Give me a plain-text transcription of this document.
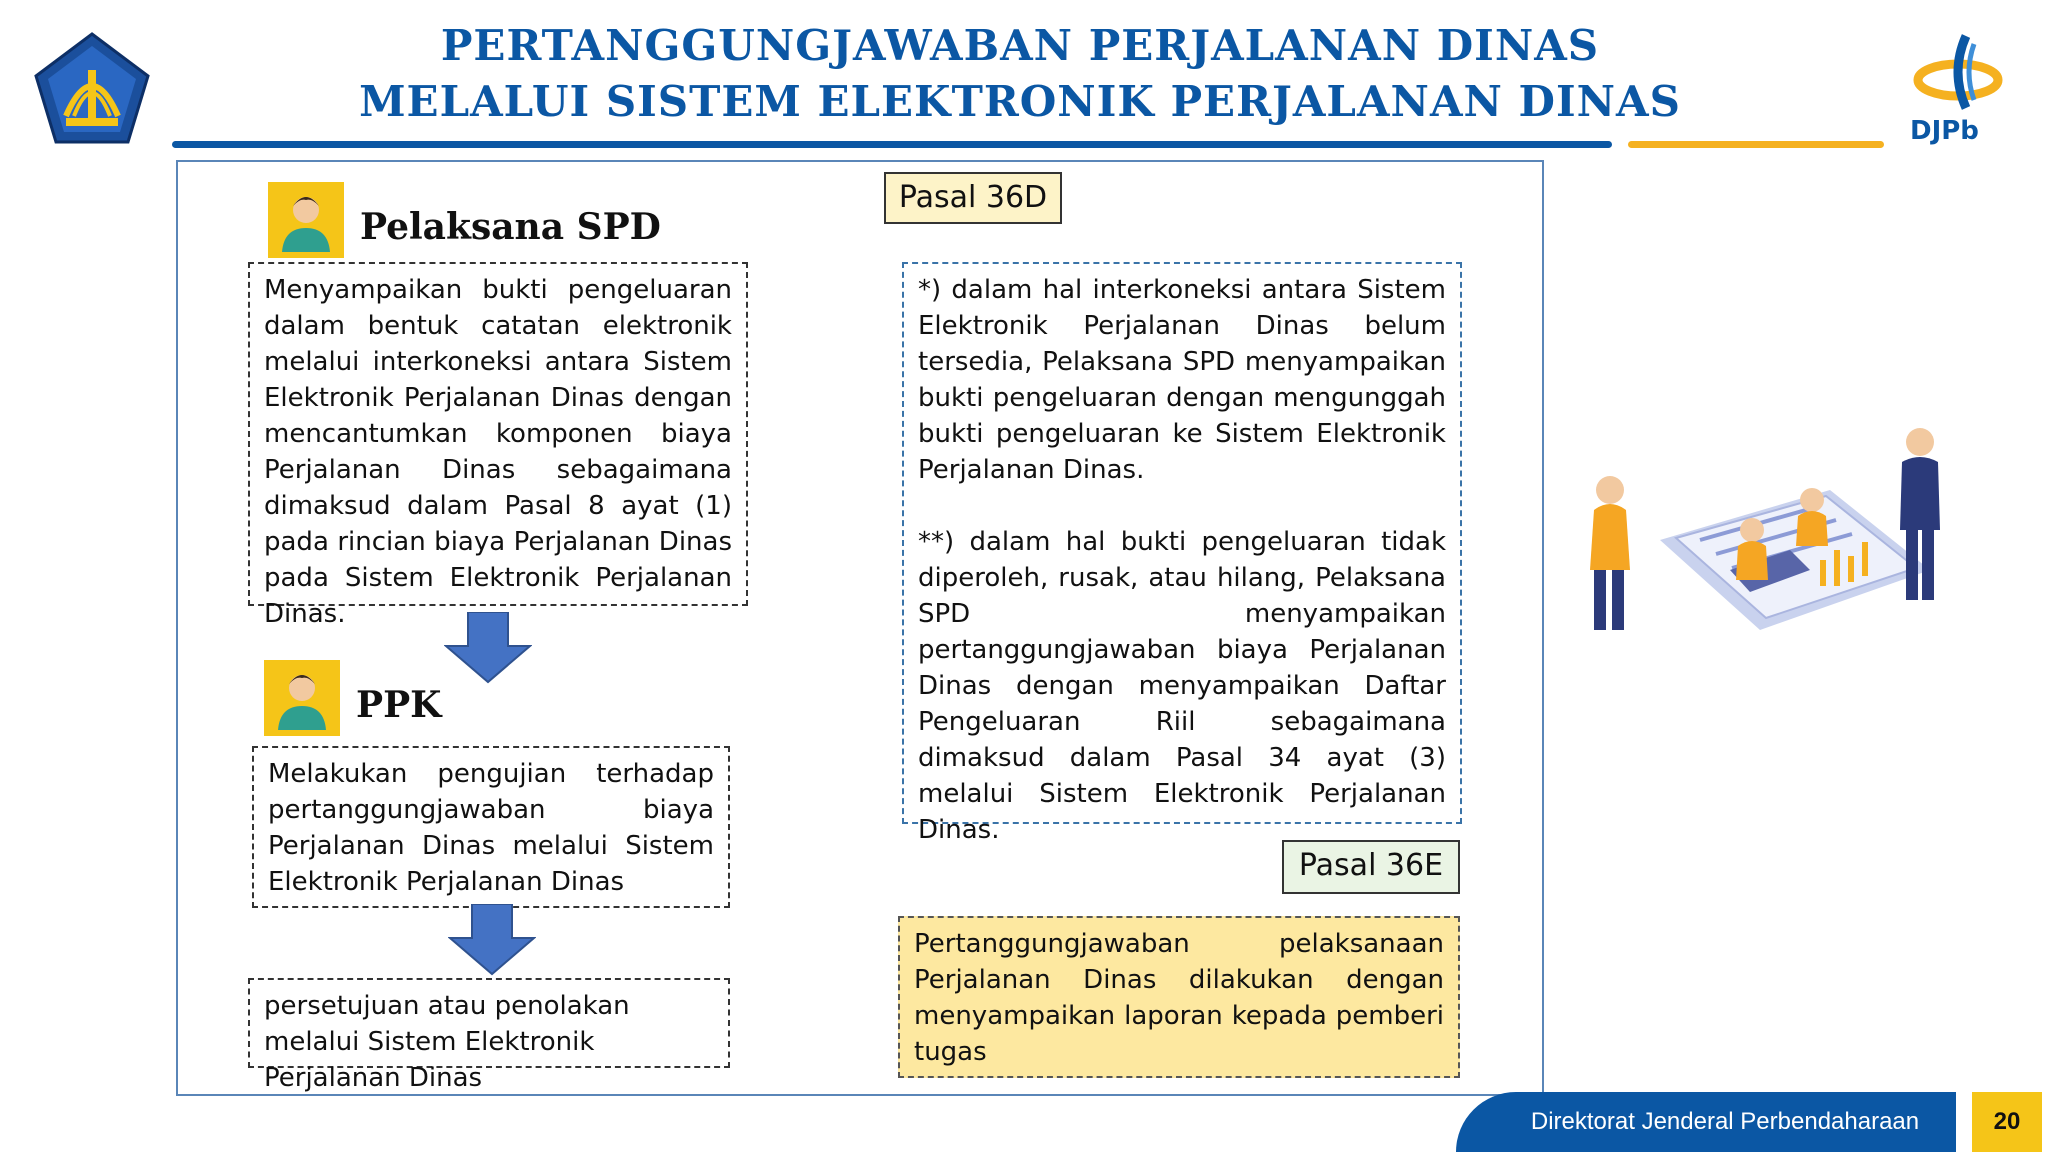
DJPb
PERTANGGUNGJAWABAN PERJALANAN DINAS
MELALUI SISTEM ELEKTRONIK PERJALANAN DINAS
Pelaksana SPD
Menyampaikan bukti pengeluaran dalam bentuk catatan elektronik melalui interkoneksi antara Sistem Elektronik Perjalanan Dinas dengan mencantumkan komponen biaya Perjalanan Dinas sebagaimana dimaksud dalam Pasal 8 ayat (1) pada rincian biaya Perjalanan Dinas pada Sistem Elektronik Perjalanan Dinas.
PPK
Melakukan pengujian terhadap pertanggungjawaban biaya Perjalanan Dinas melalui Sistem Elektronik Perjalanan Dinas
persetujuan atau penolakan melalui Sistem Elektronik Perjalanan Dinas
Pasal 36D
*) dalam hal interkoneksi antara Sistem Elektronik Perjalanan Dinas belum tersedia, Pelaksana SPD menyampaikan bukti pengeluaran dengan mengunggah bukti pengeluaran ke Sistem Elektronik Perjalanan Dinas.
**) dalam hal bukti pengeluaran tidak diperoleh, rusak, atau hilang, Pelaksana SPD menyampaikan pertanggungjawaban biaya Perjalanan Dinas dengan menyampaikan Daftar Pengeluaran Riil sebagaimana dimaksud dalam Pasal 34 ayat (3) melalui Sistem Elektronik Perjalanan Dinas.
Pasal 36E
Pertanggungjawaban pelaksanaan Perjalanan Dinas dilakukan dengan menyampaikan laporan kepada pemberi tugas
Direktorat Jenderal Perbendaharaan	20
